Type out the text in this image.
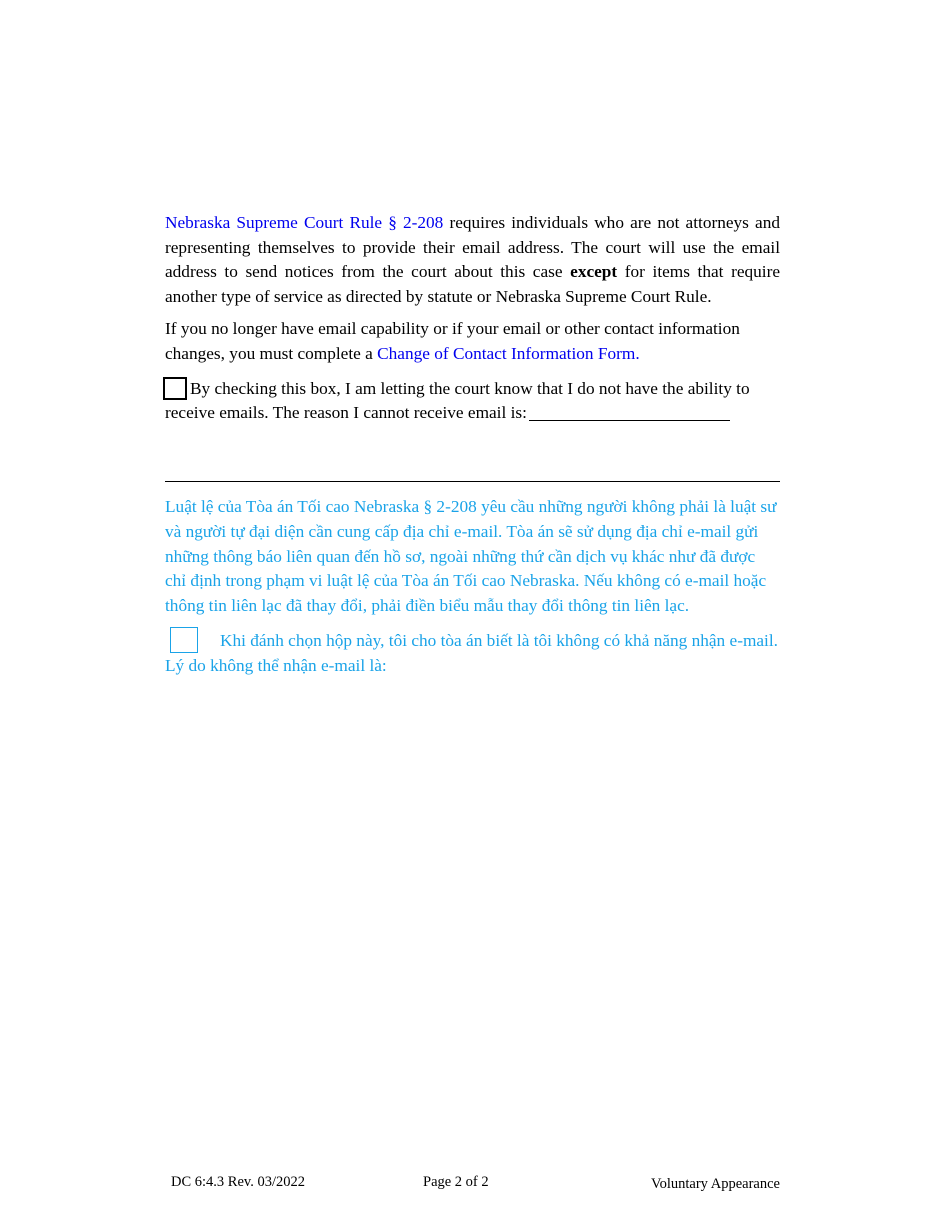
Nebraska Supreme Court Rule § 2-208 requires individuals who are not attorneys and representing themselves to provide their email address. The court will use the email address to send notices from the court about this case except for items that require another type of service as directed by statute or Nebraska Supreme Court Rule.

If you no longer have email capability or if your email or other contact information changes, you must complete a Change of Contact Information Form.

By checking this box, I am letting the court know that I do not have the ability to receive emails. The reason I cannot receive email is:

Luật lệ của Tòa án Tối cao Nebraska § 2-208 yêu cầu những người không phải là luật sư và người tự đại diện cần cung cấp địa chỉ e-mail. Tòa án sẽ sử dụng địa chỉ e-mail gửi những thông báo liên quan đến hồ sơ, ngoài những thứ cần dịch vụ khác như đã được chỉ định trong phạm vi luật lệ của Tòa án Tối cao Nebraska. Nếu không có e-mail hoặc thông tin liên lạc đã thay đổi, phải điền biểu mẫu thay đổi thông tin liên lạc.

Khi đánh chọn hộp này, tôi cho tòa án biết là tôi không có khả năng nhận e-mail. Lý do không thể nhận e-mail là:

DC 6:4.3 Rev. 03/2022	Page 2 of 2	Voluntary Appearance
